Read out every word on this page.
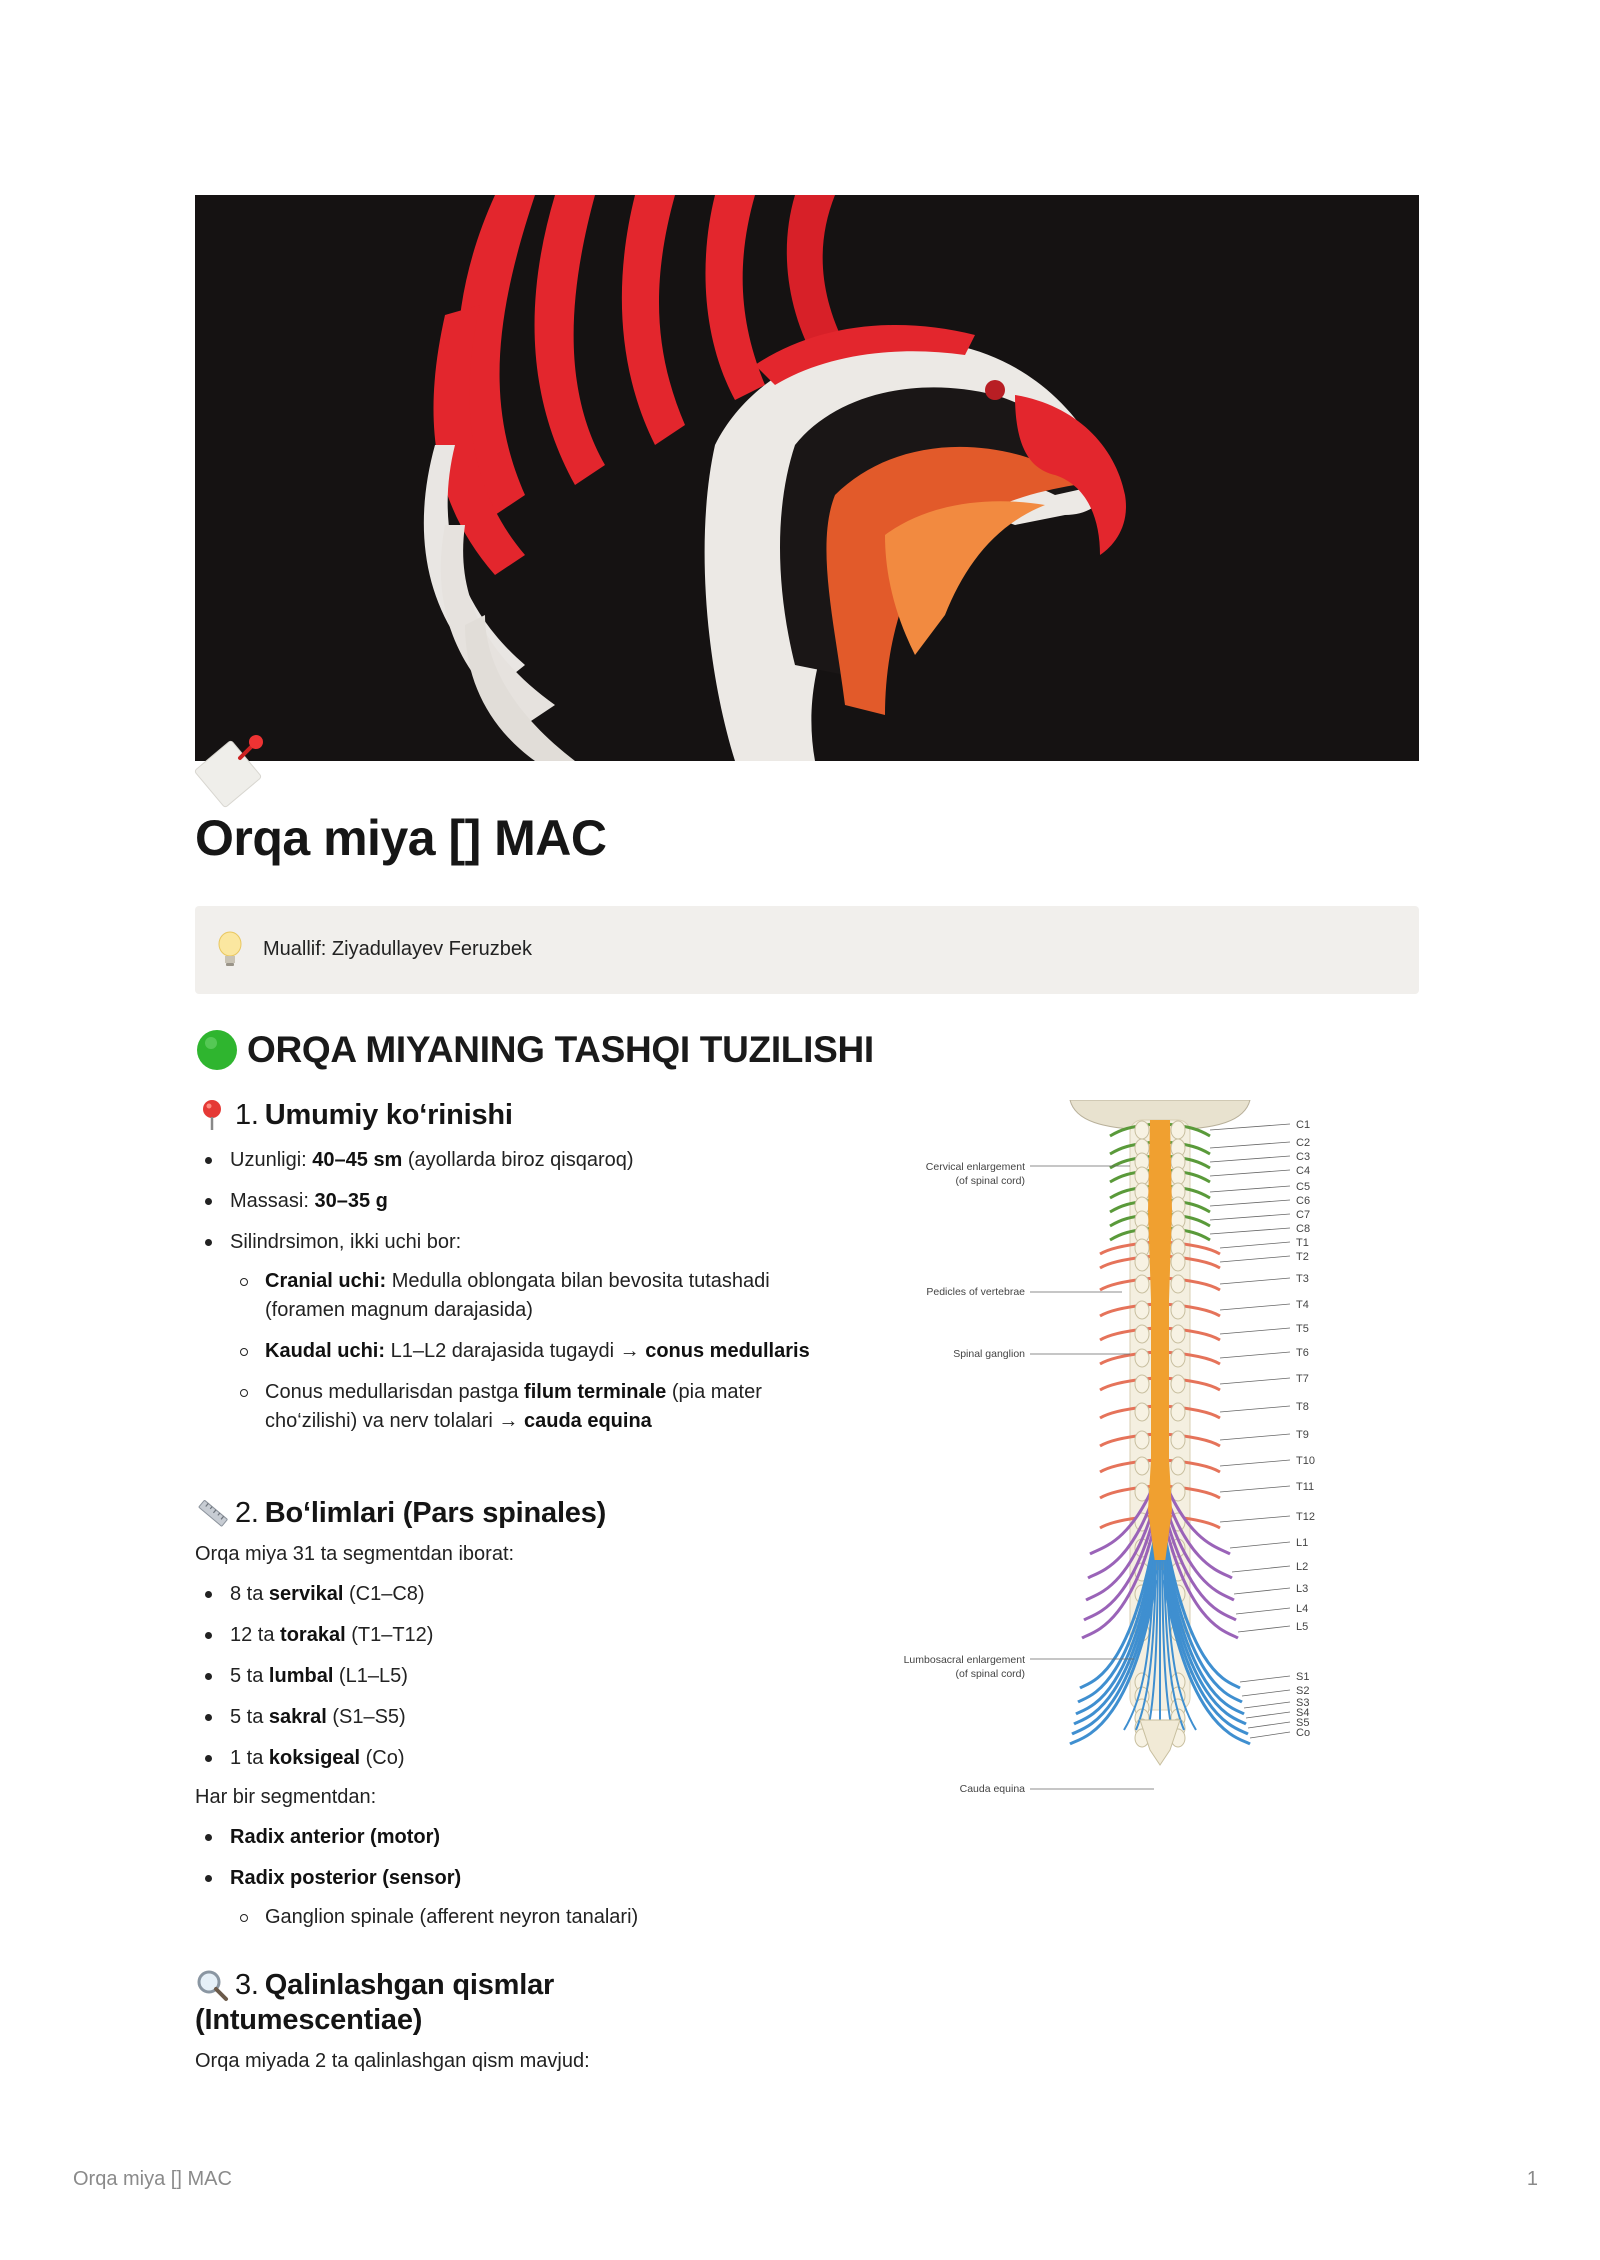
Orqa miya [] MAC
Muallif: Ziyadullayev Feruzbek
ORQA MIYANING TASHQI TUZILISHI
1. Umumiy ko‘rinishi
Uzunligi: 40–45 sm (ayollarda biroz qisqaroq)
Massasi: 30–35 g
Silindrsimon, ikki uchi bor:
Cranial uchi: Medulla oblongata bilan bevosita tutashadi (foramen magnum darajasida)
Kaudal uchi: L1–L2 darajasida tugaydi → conus medullaris
Conus medullarisdan pastga filum terminale (pia mater cho‘zilishi) va nerv tolalari → cauda equina
2. Bo‘limlari (Pars spinales)

Orqa miya 31 ta segmentdan iborat:

8 ta servikal (C1–C8)
12 ta torakal (T1–T12)
5 ta lumbal (L1–L5)
5 ta sakral (S1–S5)
1 ta koksigeal (Co)

Har bir segmentdan:

Radix anterior (motor)
Radix posterior (sensor)
Ganglion spinale (afferent neyron tanalari)
3. Qalinlashgan qismlar
(Intumescentiae)

Orqa miyada 2 ta qalinlashgan qism mavjud:

C1
C2
C3
C4
C5
C6
C7
C8
T1
T2
T3
T4
T5
T6
T7
T8
T9
T10
T11
T12
L1
L2
L3
L4
L5
S1
S2
S3
S4
S5
Co
Cervical enlargement
(of spinal cord)
Pedicles of vertebrae
Spinal ganglion
Lumbosacral enlargement
(of spinal cord)
Cauda equina
Orqa miya [] MAC	1
